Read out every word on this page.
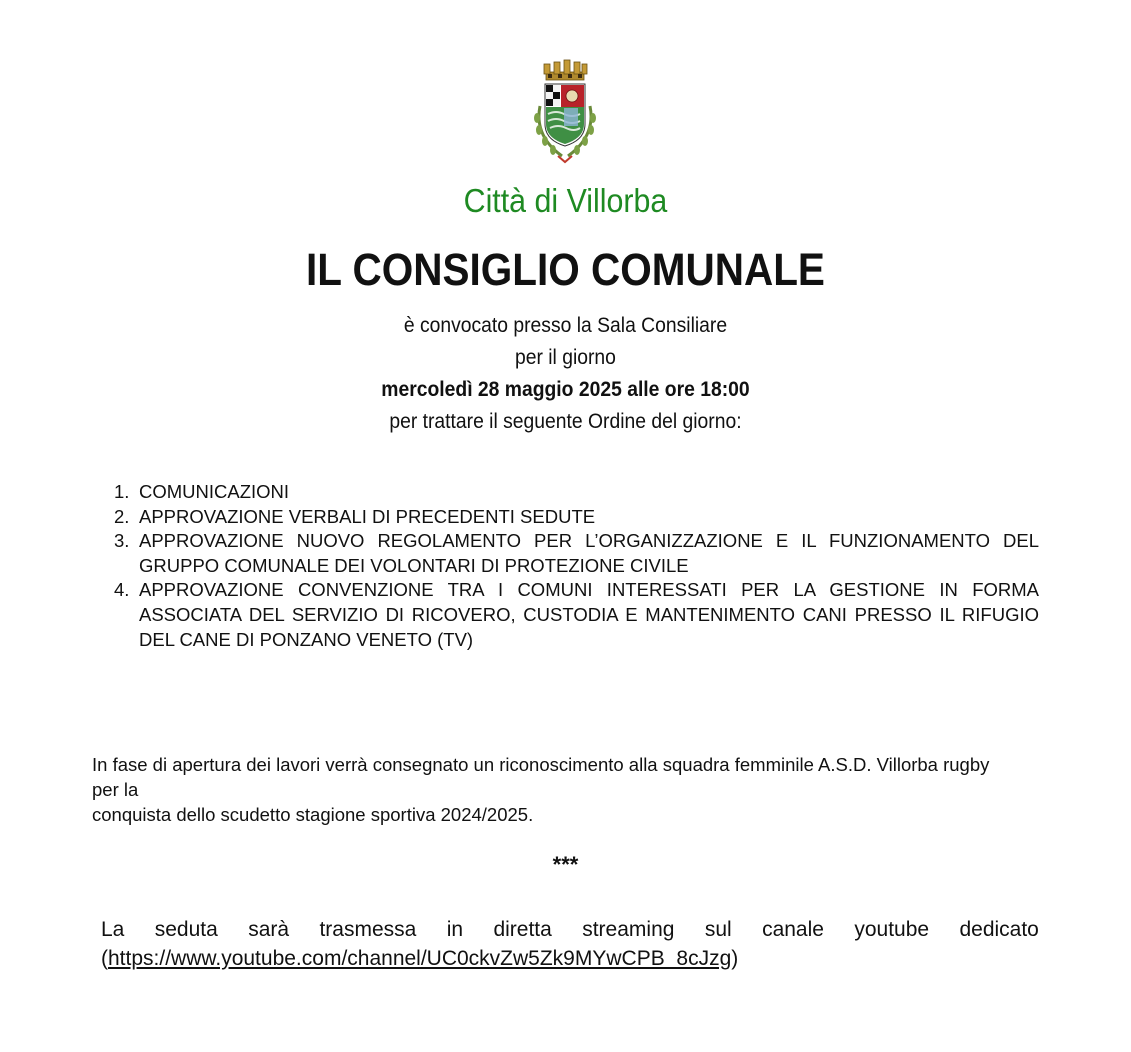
Città di Villorba
IL CONSIGLIO COMUNALE
è convocato presso la Sala Consiliare
per il giorno
mercoledì 28 maggio 2025 alle ore 18:00
per trattare il seguente Ordine del giorno:
1. COMUNICAZIONI
2. APPROVAZIONE VERBALI DI PRECEDENTI SEDUTE
3. APPROVAZIONE NUOVO REGOLAMENTO PER L’ORGANIZZAZIONE E IL FUNZIONAMENTO DEL GRUPPO COMUNALE DEI VOLONTARI DI PROTEZIONE CIVILE
4. APPROVAZIONE CONVENZIONE TRA I COMUNI INTERESSATI PER LA GESTIONE IN FORMA ASSOCIATA DEL SERVIZIO DI RICOVERO, CUSTODIA E MANTENIMENTO CANI PRESSO IL RIFUGIO DEL CANE DI PONZANO VENETO (TV)
In fase di apertura dei lavori verrà consegnato un riconoscimento alla squadra femminile A.S.D. Villorba rugby per la
conquista dello scudetto stagione sportiva 2024/2025.
***
La seduta sarà trasmessa in diretta streaming sul canale youtube dedicato
(https://www.youtube.com/channel/UC0ckvZw5Zk9MYwCPB_8cJzg)
